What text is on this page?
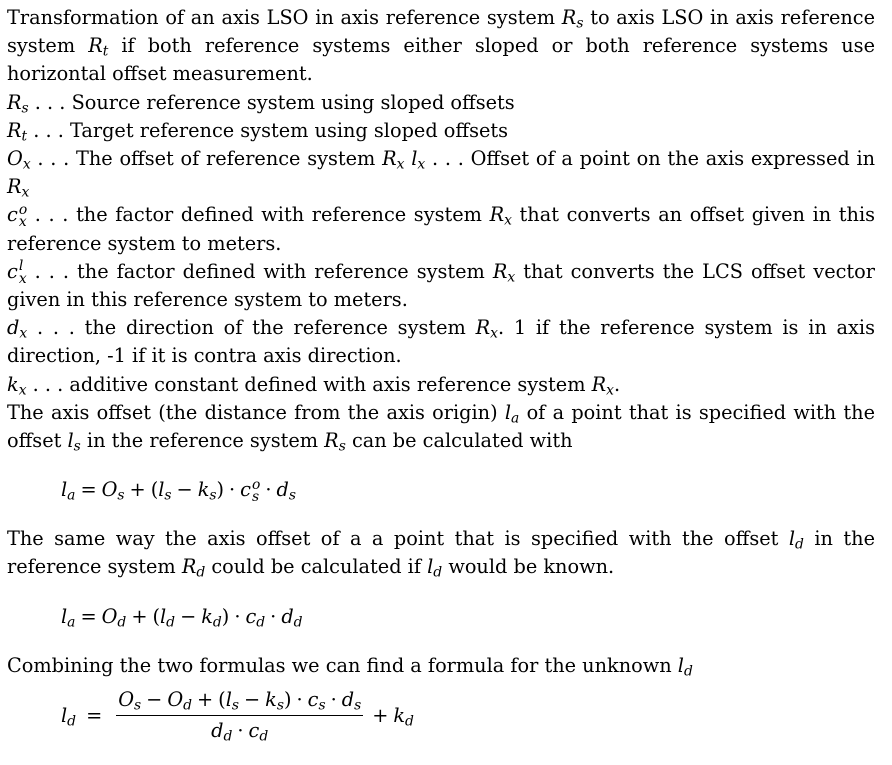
Transformation of an axis LSO in axis reference system $R_s$ to axis LSO in axis reference system $R_t$ if both reference systems either sloped or both reference systems use horizontal offset measurement.

$R_s$ . . . Source reference system using sloped offsets

$R_t$ . . . Target reference system using sloped offsets

$O_x$ . . . The offset of reference system $R_x$ $l_x$ . . . Offset of a point on the axis expressed in $R_x$

c o
x . . . the factor defined with reference system $R_x$ that converts an offset given in this reference system to meters.

c l
x . . . the factor defined with reference system $R_x$ that converts the LCS offset vector given in this reference system to meters.

$d_x$ . . . the direction of the reference system $R_x$. 1 if the reference system is in axis direction, -1 if it is contra axis direction.

$k_x$ . . . additive constant defined with axis reference system $R_x$.

The axis offset (the distance from the axis origin) $l_a$ of a point that is specified with the offset $l_s$ in the reference system $R_s$ can be calculated with

$l_a = O_s + (l_s - k_s) \cdot c$ o
$s \cdot d_s$

The same way the axis offset of a a point that is specified with the offset $l_d$ in the reference system $R_d$ could be calculated if $l_d$ would be known.

$l_a = O_d + (l_d - k_d) \cdot c_d \cdot d_d$

Combining the two formulas we can find a formula for the unknown $l_d$

$l_d = \frac{O_s - O_d + (l_s - k_s) \cdot c_s \cdot d_s}{d_d \cdot c_d} + k_d$
